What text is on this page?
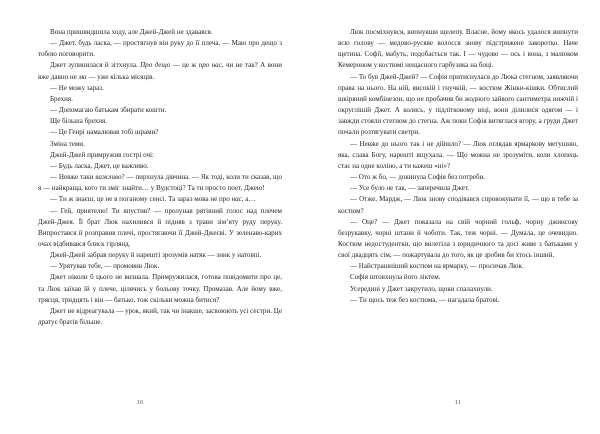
Вона пришвидшила ходу, але Джей-Джей не здавався.

— Джет, будь ласка, — простягнув він руку до її плеча. — Маю про дещо з тобою поговорити.

Джет зупинилася й зітхнула. Про дещо — це ж про нас, чи не так? А вони вже давно не ми — уже кілька місяців.

— Не можу зараз.

Брехня.

— Допомагаю батькам збирати кошти.

Ще більша брехня.

— Це Генрі намалював тобі шрами?

Зміна теми.

Джей-Джей примружив гострі очі:

— Будь ласка, Джет, це важливо.

— Невже таки важливо? — пирхнула дівчина. — Як тоді, коли ти сказав, що я — найкраща, кого ти зміг знайти… у Вудстоці? Та ти просто поет, Джею!

— Ти ж знаєш, це не в поганому сенсі. Та зараз мова не про нас, а…

— Гей, приятелю! Ти впустив? — пролунав рятівний голос над плечем Джей-Джея. Її брат Люк нахилився й підняв з трави зім’яту руду перуку. Випростався й розправив плечі, простягаючи її Джей-Джеєві. У зеленаво-карих очах відбивався блиск гірлянд.

Джей-Джей забрав перуку й нарешті зрозумів натяк — зник у натовпі.

— Урятував тебе, — промовив Люк.

Джет ніколи б цього не визнала. Примружилася, готова повідомити про це, та Люк заїхав їй у плече, цілячись у больову точку. Промазав. Але йому вже, трясця, тридцять і він — батько, тож скільки можна битися?

Джет не відреагувала — урок, який, так чи інакше, засвоюють усі сестри. Це дратує братів більше.

10

Люк посміхнувся, випнувши щелепу. Власне, йому якось удалося випнути всю голову — медово-русяве волосся знову підстрижене закоротко. Наче щетина. Софії, мабуть, подобається так. І — чудово — ось і вона, з малюком Кемероном у костюмі нещасного гарбузика на боці.

— То був Джей-Джей? — Софія притиснулася до Люка стегном, заявляючи права на нього. На ній, високій і гнучкій, — костюм Жінки-кішки. Обтислий шкіряний комбінезон, що не пробачив би жодного зайвого сантиметра нижчій і округлішій Джет. А колись, у підлітковому віці, вони ділилися одягом — і завжди стояли стегном до стегна. Аж поки Софія витяглася вгору, а груди Джет почали розтягувати светри.

— Невже до нього так і не дійшло? — Люк оглядав ярмаркову метушню, яка, слава Богу, нарешті вщухала. — Що можна не зрозуміти, коли хлопець стає на одне коліно, а ти кажеш «ні»?

— Ото ж бо, — докинула Софія без потреби.

— Усе було не так, — заперечила Джет.

— Отже, Мардж, — Люк знову сподівався спровокувати її, — що в тебе за костюм?

— Оце? — Джет показала на свій чорний гольф, чорну джинсову безрукавку, чорні штани й чоботи. Так, теж чорні. — Думала, це очевидно. Костюм недостудентки, що вилетіла з юридичного та досі живе з батьками у свої двадцять сім, — пожартувала до того, як це зробив би хтось інший.

— Найстрашніший костюм на ярмарку, — просичав Люк.

Софія штовхнула його ліктем.

Усередині у Джет закрутило, щоки спалахнули.

— Ти щось теж без костюма, — нагадала братові.

11
